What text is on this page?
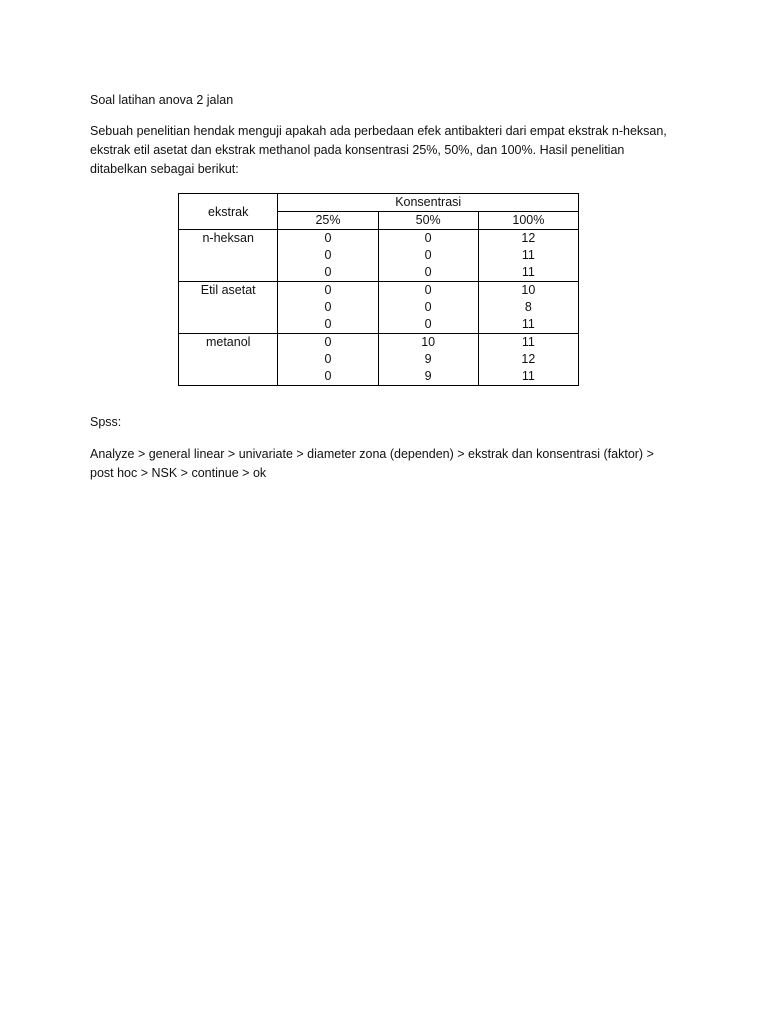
Soal latihan anova 2 jalan
Sebuah penelitian hendak menguji apakah ada perbedaan efek antibakteri dari empat ekstrak n-heksan,
ekstrak etil asetat dan ekstrak methanol pada konsentrasi 25%, 50%, dan 100%. Hasil penelitian
ditabelkan sebagai berikut:
ekstrak	Konsentrasi		
	25%	50%	100%
n-heksan	0	0	12
	0	0	11
	0	0	11
Etil asetat	0	0	10
	0	0	8
	0	0	11
metanol	0	10	11
	0	9	12
	0	9	11
Spss:
Analyze > general linear > univariate > diameter zona (dependen) > ekstrak dan konsentrasi (faktor) >
post hoc > NSK > continue > ok
